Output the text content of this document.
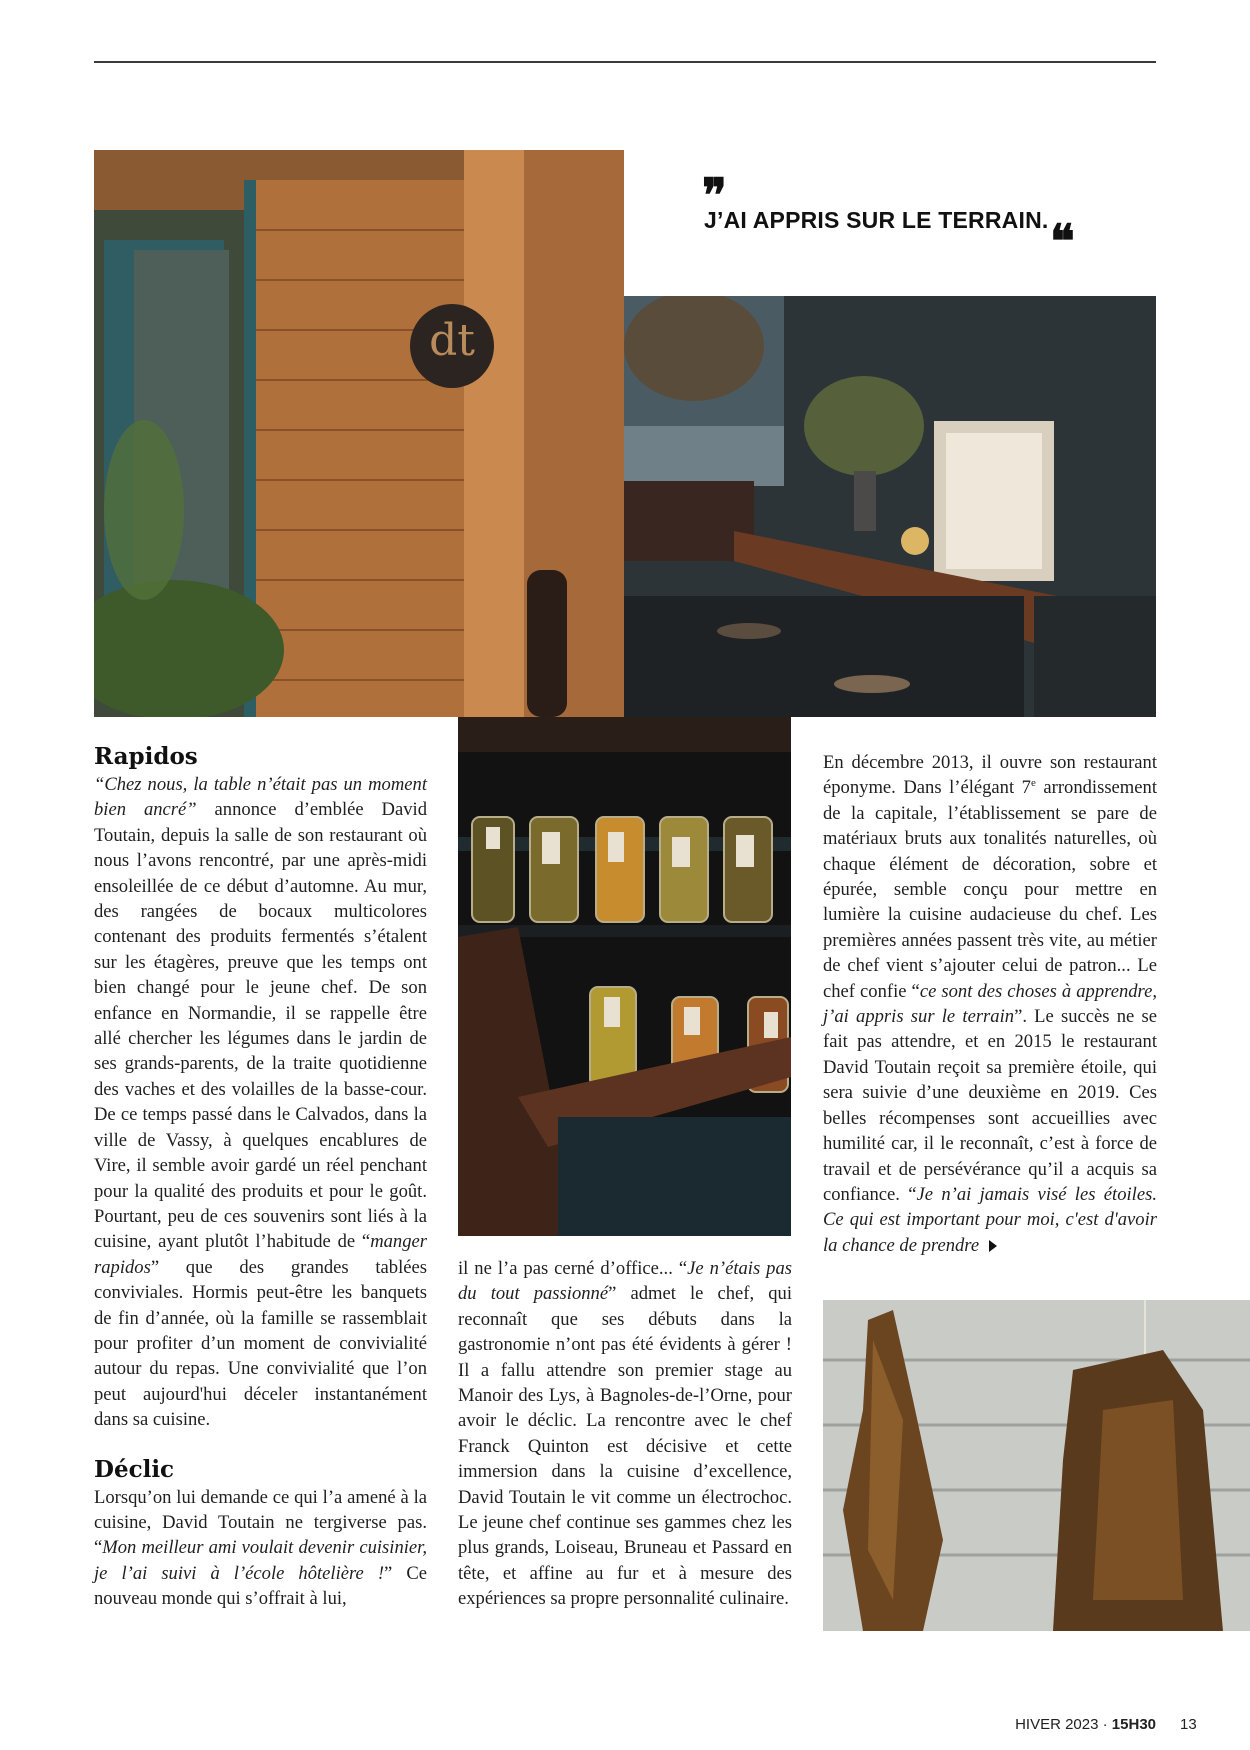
dt
❞
J’AI APPRIS SUR LE TERRAIN. ❝
Rapidos

“Chez nous, la table n’était pas un moment bien ancré” annonce d’emblée David Toutain, depuis la salle de son restaurant où nous l’avons rencontré, par une après-midi ensoleillée de ce début d’automne. Au mur, des rangées de bocaux multicolores contenant des produits fermentés s’étalent sur les étagères, preuve que les temps ont bien changé pour le jeune chef. De son enfance en Normandie, il se rappelle être allé chercher les légumes dans le jardin de ses grands-parents, de la traite quotidienne des vaches et des volailles de la basse-cour. De ce temps passé dans le Calvados, dans la ville de Vassy, à quelques encablures de Vire, il semble avoir gardé un réel penchant pour la qualité des produits et pour le goût. Pourtant, peu de ces souvenirs sont liés à la cuisine, ayant plutôt l’habitude de “manger rapidos” que des grandes tablées conviviales. Hormis peut-être les banquets de fin d’année, où la famille se rassemblait pour profiter d’un moment de convivialité autour du repas. Une convivialité que l’on peut aujourd'hui déceler instantanément dans sa cuisine.

Déclic

Lorsqu’on lui demande ce qui l’a amené à la cuisine, David Toutain ne tergiverse pas. “Mon meilleur ami voulait devenir cuisinier, je l’ai suivi à l’école hôtelière !” Ce nouveau monde qui s’offrait à lui,

il ne l’a pas cerné d’office... “Je n’étais pas du tout passionné” admet le chef, qui reconnaît que ses débuts dans la gastronomie n’ont pas été évidents à gérer ! Il a fallu attendre son premier stage au Manoir des Lys, à Bagnoles-de-l’Orne, pour avoir le déclic. La rencontre avec le chef Franck Quinton est décisive et cette immersion dans la cuisine d’excellence, David Toutain le vit comme un électrochoc. Le jeune chef continue ses gammes chez les plus grands, Loiseau, Bruneau et Passard en tête, et affine au fur et à mesure des expériences sa propre personnalité culinaire.

En décembre 2013, il ouvre son restaurant éponyme. Dans l’élégant 7e arrondissement de la capitale, l’établissement se pare de matériaux bruts aux tonalités naturelles, où chaque élément de décoration, sobre et épurée, semble conçu pour mettre en lumière la cuisine audacieuse du chef. Les premières années passent très vite, au métier de chef vient s’ajouter celui de patron... Le chef confie “ce sont des choses à apprendre, j’ai appris sur le terrain”. Le succès ne se fait pas attendre, et en 2015 le restaurant David Toutain reçoit sa première étoile, qui sera suivie d’une deuxième en 2019. Ces belles récompenses sont accueillies avec humilité car, il le reconnaît, c’est à force de travail et de persévérance qu’il a acquis sa confiance. “Je n’ai jamais visé les étoiles. Ce qui est important pour moi, c'est d'avoir la chance de prendre

HIVER 2023 · 15H30 13
